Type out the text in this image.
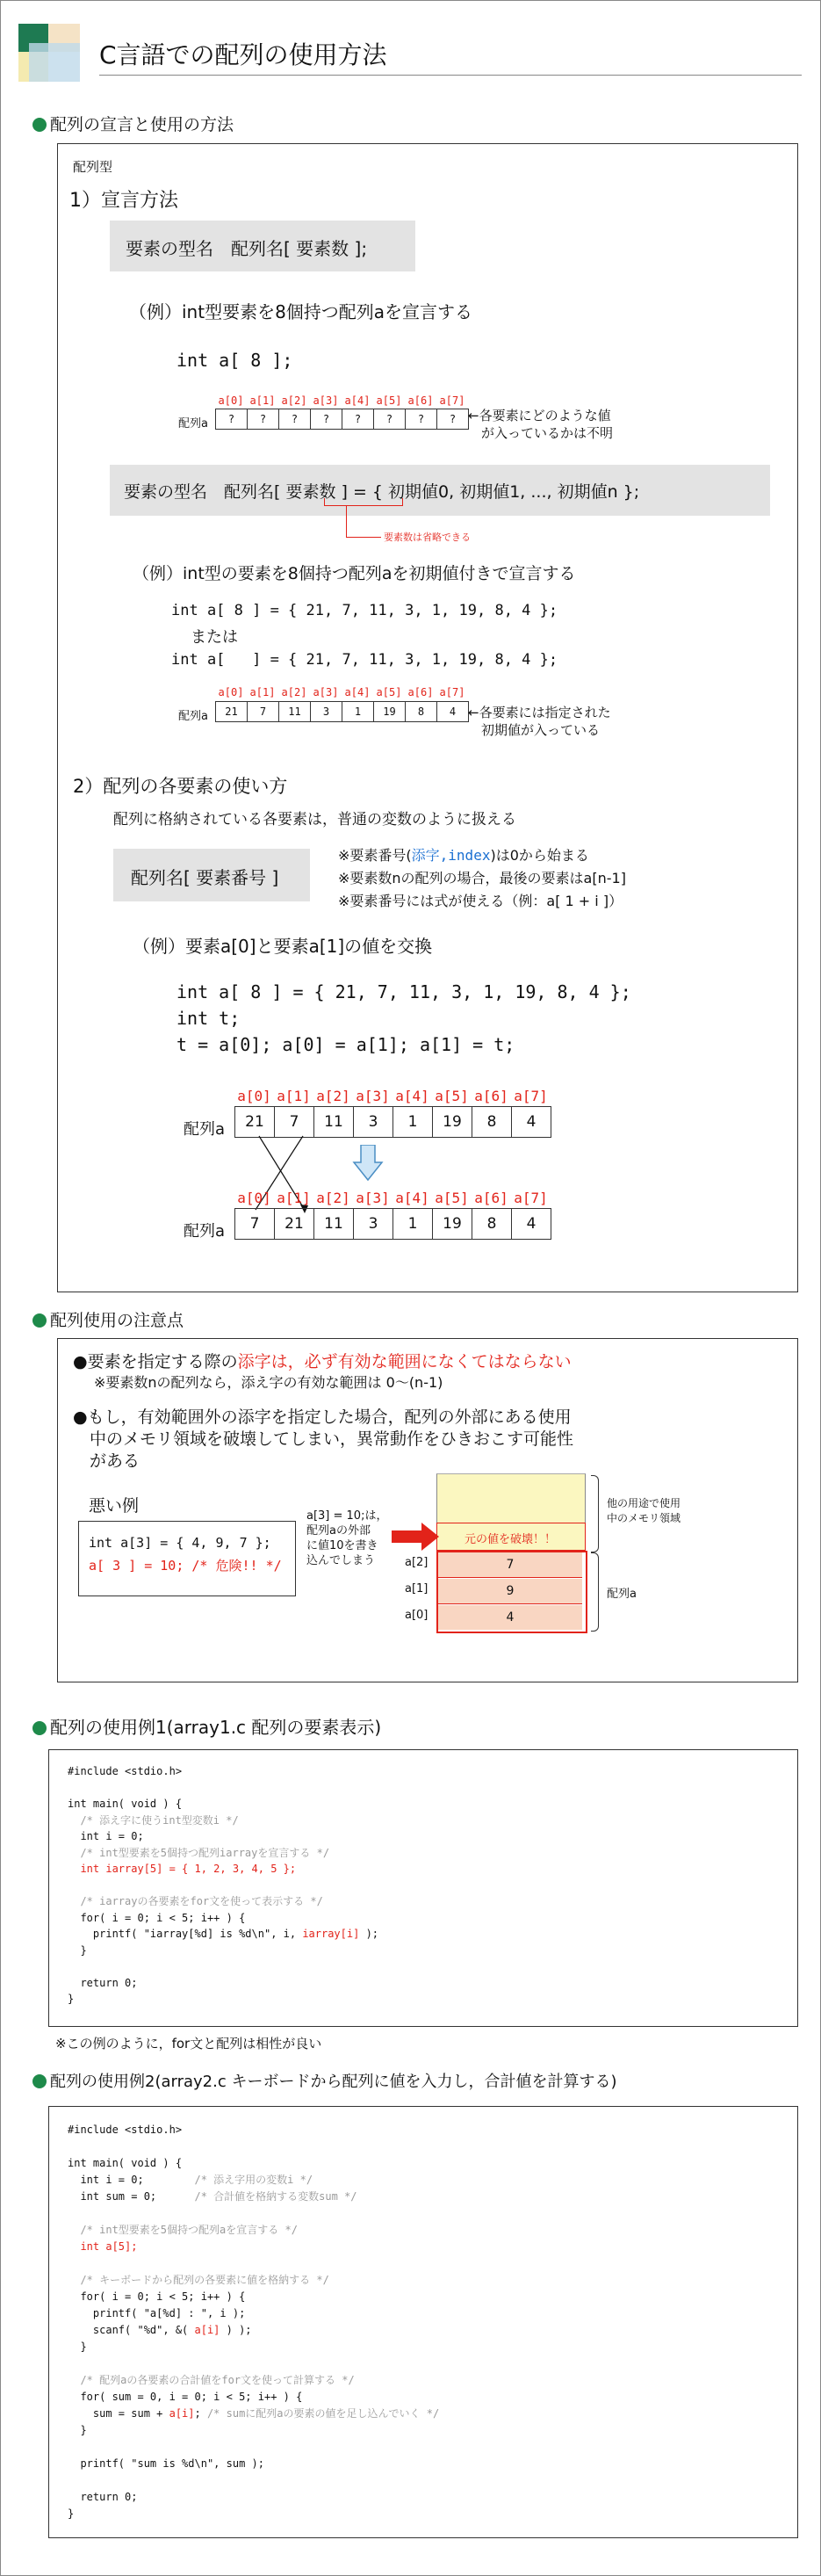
C言語での配列の使用方法
配列の宣言と使用の方法
配列型
1）宣言方法
要素の型名　配列名[ 要素数 ];
（例）int型要素を8個持つ配列aを宣言する
int a[ 8 ];
a[0] a[1] a[2] a[3] a[4] a[5] a[6] a[7]
配列a ?	?	?	?	?	?	?	? ←各要素にどのような値
　が入っているかは不明
要素の型名　配列名[ 要素数 ] = { 初期値0, 初期値1, ..., 初期値n };
要素数は省略できる
（例）int型の要素を8個持つ配列aを初期値付きで宣言する
int a[ 8 ] = { 21, 7, 11, 3, 1, 19, 8, 4 };
または
int a[   ] = { 21, 7, 11, 3, 1, 19, 8, 4 };
a[0] a[1] a[2] a[3] a[4] a[5] a[6] a[7]
配列a 21	7	11	3	1	19	8	4 ←各要素には指定された
　初期値が入っている
2）配列の各要素の使い方
配列に格納されている各要素は，普通の変数のように扱える
配列名[ 要素番号 ]
※要素番号(添字,index)は0から始まる
※要素数nの配列の場合，最後の要素はa[n-1]
※要素番号には式が使える（例：a[ 1 + i ]）
（例）要素a[0]と要素a[1]の値を交換
int a[ 8 ] = { 21, 7, 11, 3, 1, 19, 8, 4 };
int t;
t = a[0]; a[0] = a[1]; a[1] = t;
a[0] a[1] a[2] a[3] a[4] a[5] a[6] a[7]
配列a 21	7	11	3	1	19	8	4
a[0] a[1] a[2] a[3] a[4] a[5] a[6] a[7]
配列a 7	21	11	3	1	19	8	4
配列使用の注意点
●要素を指定する際の添字は，必ず有効な範囲になくてはならない
※要素数nの配列なら，添え字の有効な範囲は 0〜(n-1)
●もし，有効範囲外の添字を指定した場合，配列の外部にある使用
　中のメモリ領域を破壊してしまい，異常動作をひきおこす可能性
　がある
悪い例
int a[3] = { 4, 9, 7 };
a[ 3 ] = 10; /* 危険!! */
a[3] = 10;は，
配列aの外部
に値10を書き
込んでしまう
元の値を破壊！！
7
9
4
a[2]
a[1]
a[0]
他の用途で使用
中のメモリ領域
配列a
配列の使用例1(array1.c 配列の要素表示)
#include <stdio.h>

int main( void ) {
/* 添え字に使うint型変数i */
int i = 0;
/* int型要素を5個持つ配列iarrayを宣言する */
int iarray[5] = { 1, 2, 3, 4, 5 };

/* iarrayの各要素をfor文を使って表示する */
for( i = 0; i < 5; i++ ) {
printf( "iarray[%d] is %d\n", i, iarray[i] );
}

return 0;
}
※この例のように，for文と配列は相性が良い
配列の使用例2(array2.c キーボードから配列に値を入力し，合計値を計算する)
#include <stdio.h>

int main( void ) {
int i = 0;	/* 添え字用の変数i */
int sum = 0;	/* 合計値を格納する変数sum */

/* int型要素を5個持つ配列aを宣言する */
int a[5];

/* キーボードから配列の各要素に値を格納する */
for( i = 0; i < 5; i++ ) {
printf( "a[%d] : ", i );
scanf( "%d", &( a[i] ) );
}

/* 配列aの各要素の合計値をfor文を使って計算する */
for( sum = 0, i = 0; i < 5; i++ ) {
sum = sum + a[i]; /* sumに配列aの要素の値を足し込んでいく */
}

printf( "sum is %d\n", sum );

return 0;
}
